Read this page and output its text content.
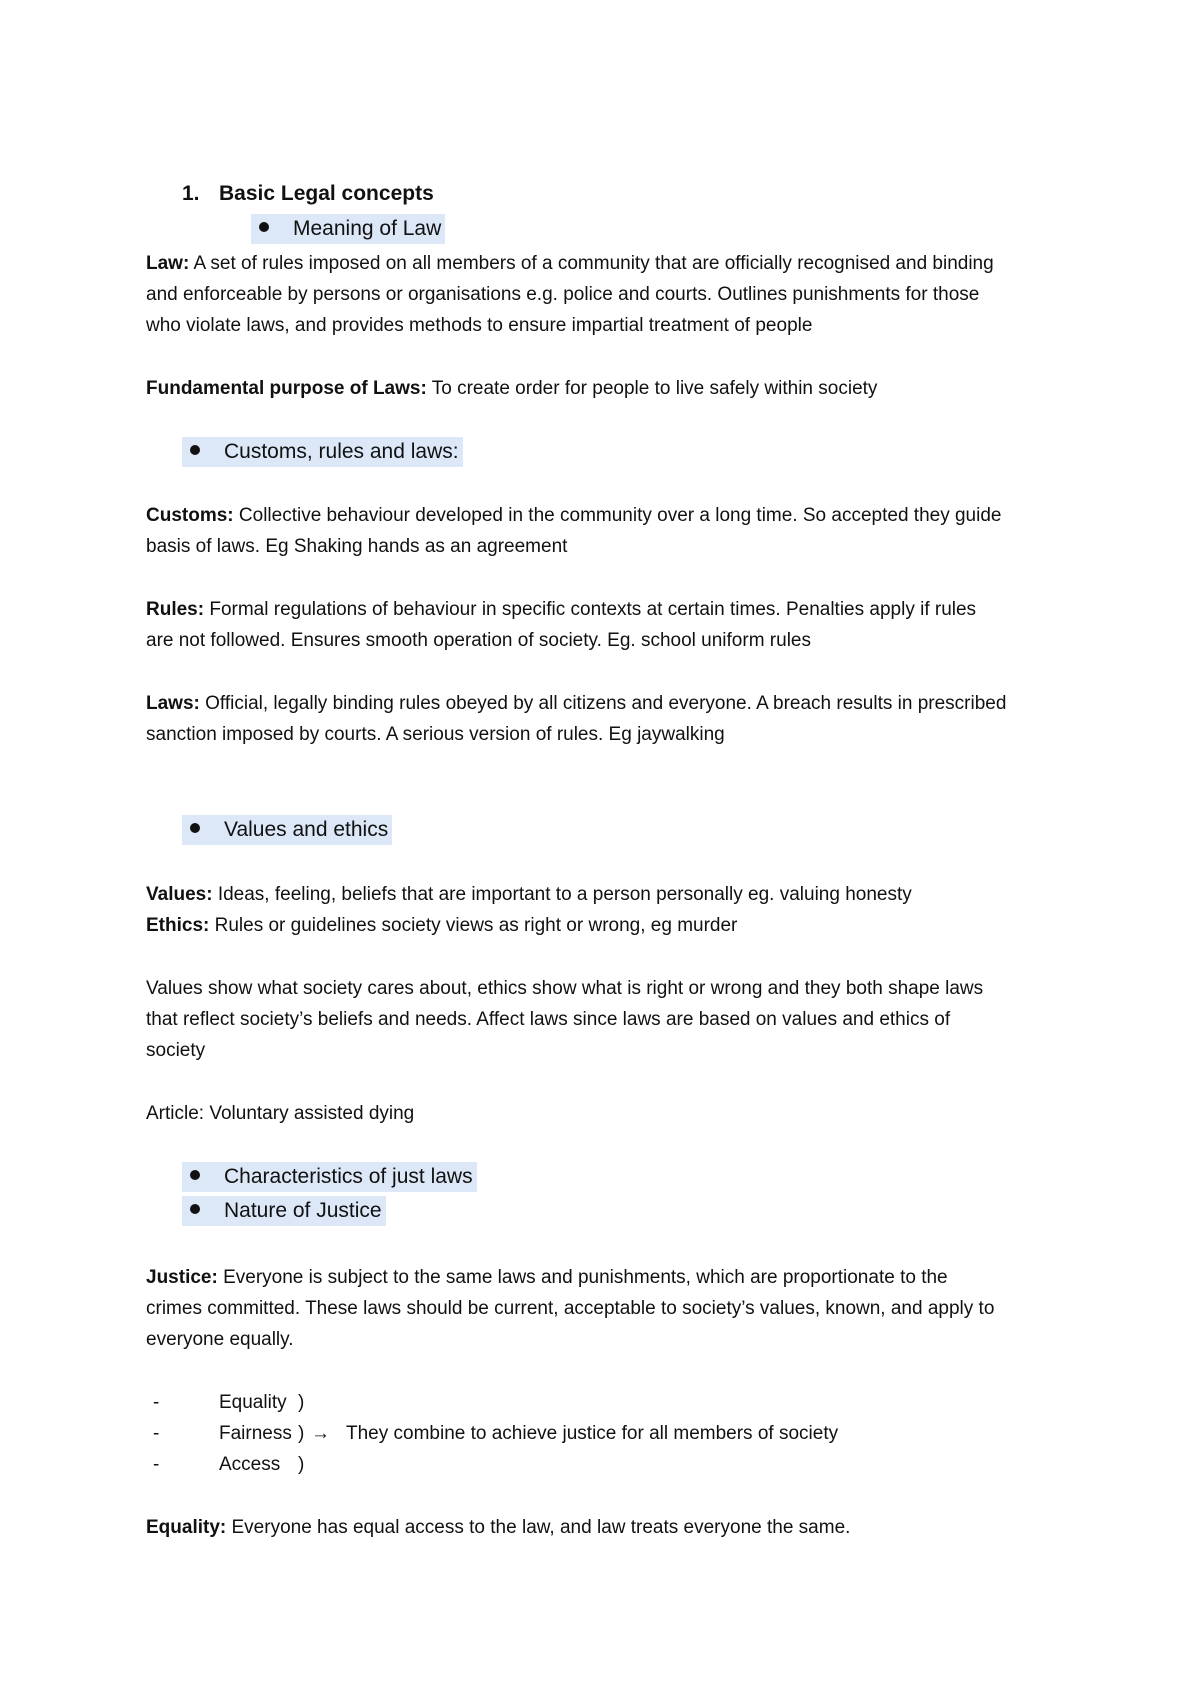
1. Basic Legal concepts
Meaning of Law
Law: A set of rules imposed on all members of a community that are officially recognised and binding
and enforceable by persons or organisations e.g. police and courts. Outlines punishments for those
who violate laws, and provides methods to ensure impartial treatment of people
Fundamental purpose of Laws: To create order for people to live safely within society
Customs, rules and laws:
Customs: Collective behaviour developed in the community over a long time. So accepted they guide
basis of laws. Eg Shaking hands as an agreement
Rules: Formal regulations of behaviour in specific contexts at certain times. Penalties apply if rules
are not followed. Ensures smooth operation of society. Eg. school uniform rules
Laws: Official, legally binding rules obeyed by all citizens and everyone. A breach results in prescribed
sanction imposed by courts. A serious version of rules. Eg jaywalking
Values and ethics
Values: Ideas, feeling, beliefs that are important to a person personally eg. valuing honesty
Ethics: Rules or guidelines society views as right or wrong, eg murder
Values show what society cares about, ethics show what is right or wrong and they both shape laws
that reflect society’s beliefs and needs. Affect laws since laws are based on values and ethics of
society
Article: Voluntary assisted dying
Characteristics of just laws
Nature of Justice
Justice: Everyone is subject to the same laws and punishments, which are proportionate to the
crimes committed. These laws should be current, acceptable to society’s values, known, and apply to
everyone equally.
-	Equality )
-	Fairness ) → They combine to achieve justice for all members of society
-	Access )
Equality: Everyone has equal access to the law, and law treats everyone the same.
